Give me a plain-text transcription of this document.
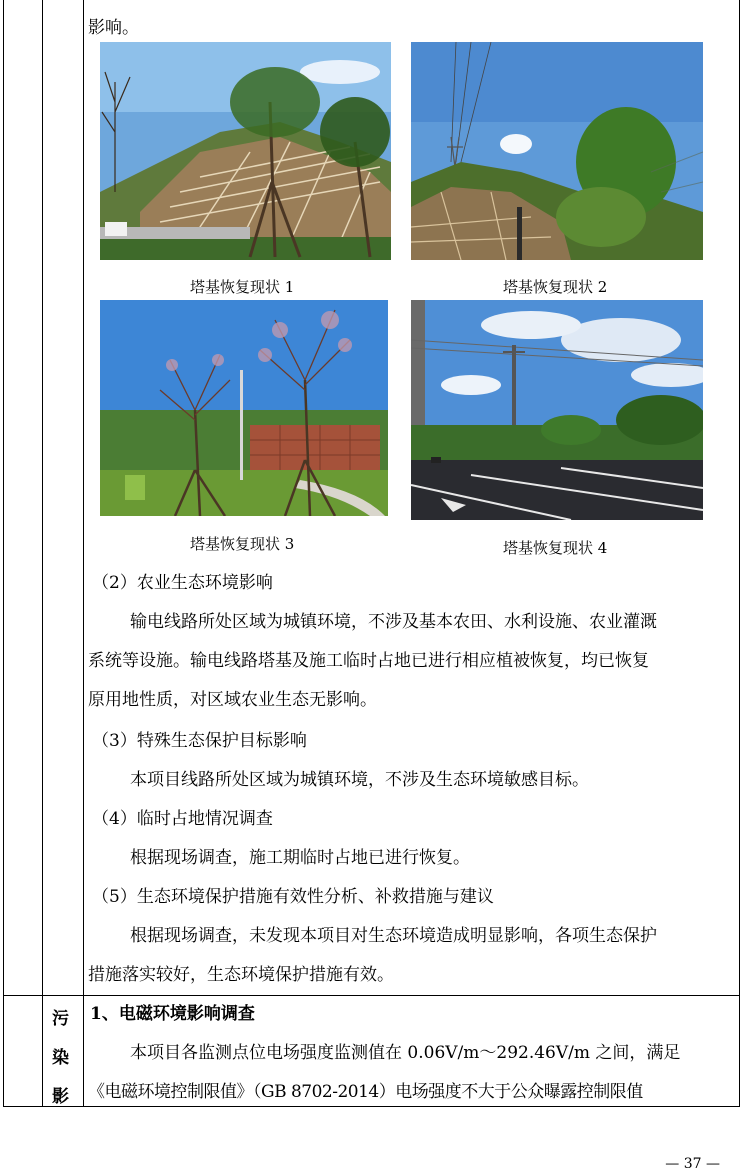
影响。
塔基恢复现状 1	塔基恢复现状 2
塔基恢复现状 3	塔基恢复现状 4
（2）农业生态环境影响
输电线路所处区域为城镇环境，不涉及基本农田、水利设施、农业灌溉
系统等设施。输电线路塔基及施工临时占地已进行相应植被恢复，均已恢复
原用地性质，对区域农业生态无影响。
（3）特殊生态保护目标影响
本项目线路所处区域为城镇环境，不涉及生态环境敏感目标。
（4）临时占地情况调查
根据现场调查，施工期临时占地已进行恢复。
（5）生态环境保护措施有效性分析、补救措施与建议
根据现场调查，未发现本项目对生态环境造成明显影响，各项生态保护
措施落实较好，生态环境保护措施有效。
污
染
影
1、电磁环境影响调查
本项目各监测点位电场强度监测值在 0.06V/m～292.46V/m 之间，满足
《电磁环境控制限值》（GB 8702-2014）电场强度不大于公众曝露控制限值
— 37 —
